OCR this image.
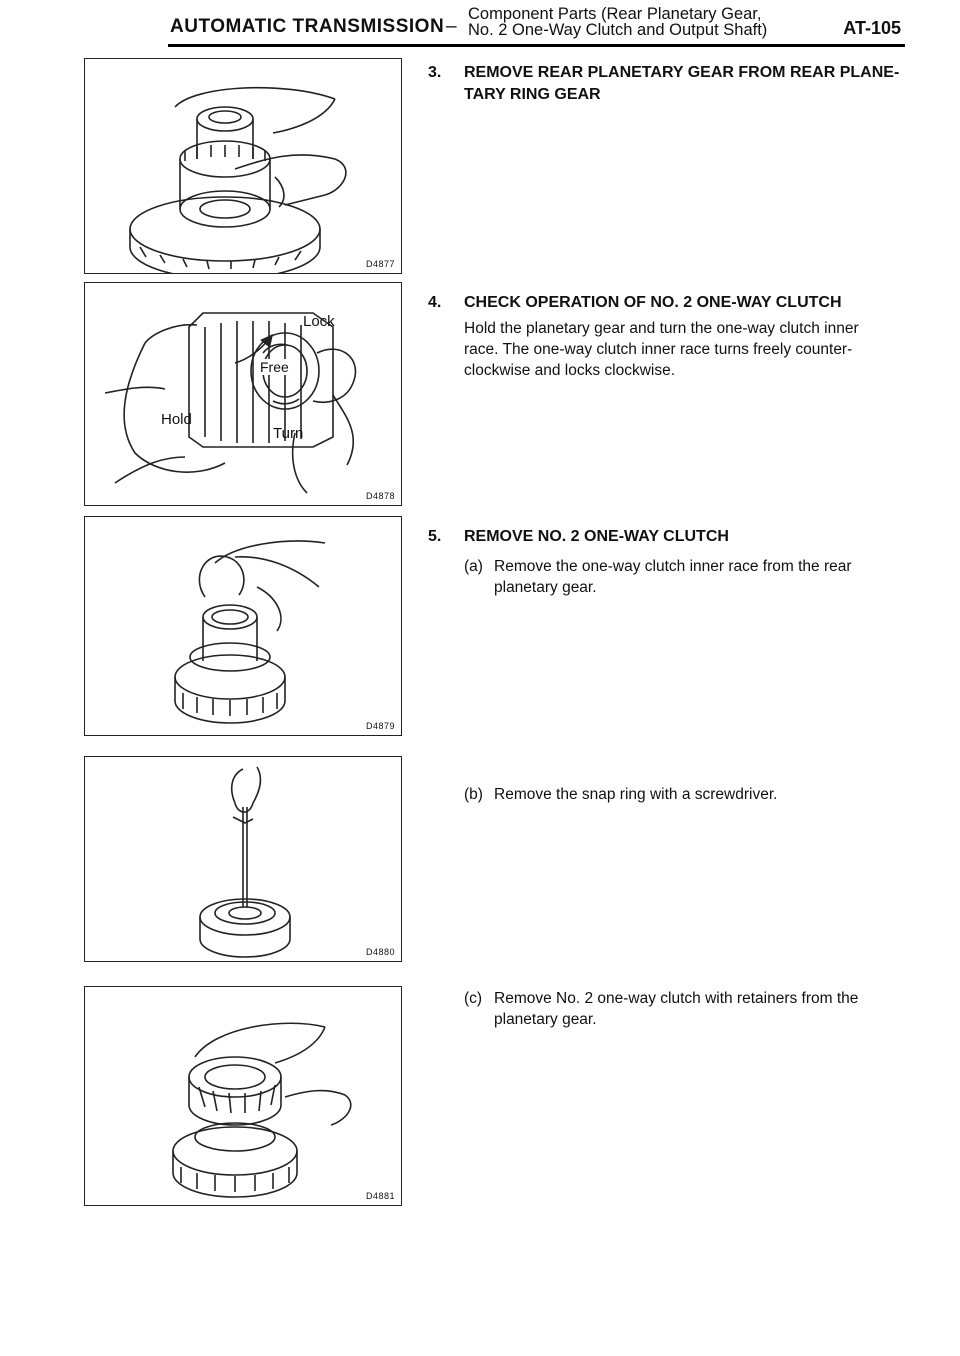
AUTOMATIC TRANSMISSION –
Component Parts (Rear Planetary Gear,
No. 2 One-Way Clutch and Output Shaft)	AT-105
D4877
Lock
Free
Hold
Turn
D4878
D4879
D4880
D4881
3. REMOVE REAR PLANETARY GEAR FROM REAR PLANE-
TARY RING GEAR
4. CHECK OPERATION OF NO. 2 ONE-WAY CLUTCH
Hold the planetary gear and turn the one-way clutch inner
race. The one-way clutch inner race turns freely counter-
clockwise and locks clockwise.
5. REMOVE NO. 2 ONE-WAY CLUTCH
(a) Remove the one-way clutch inner race from the rear
planetary gear.
(b) Remove the snap ring with a screwdriver.
(c) Remove No. 2 one-way clutch with retainers from the
planetary gear.
